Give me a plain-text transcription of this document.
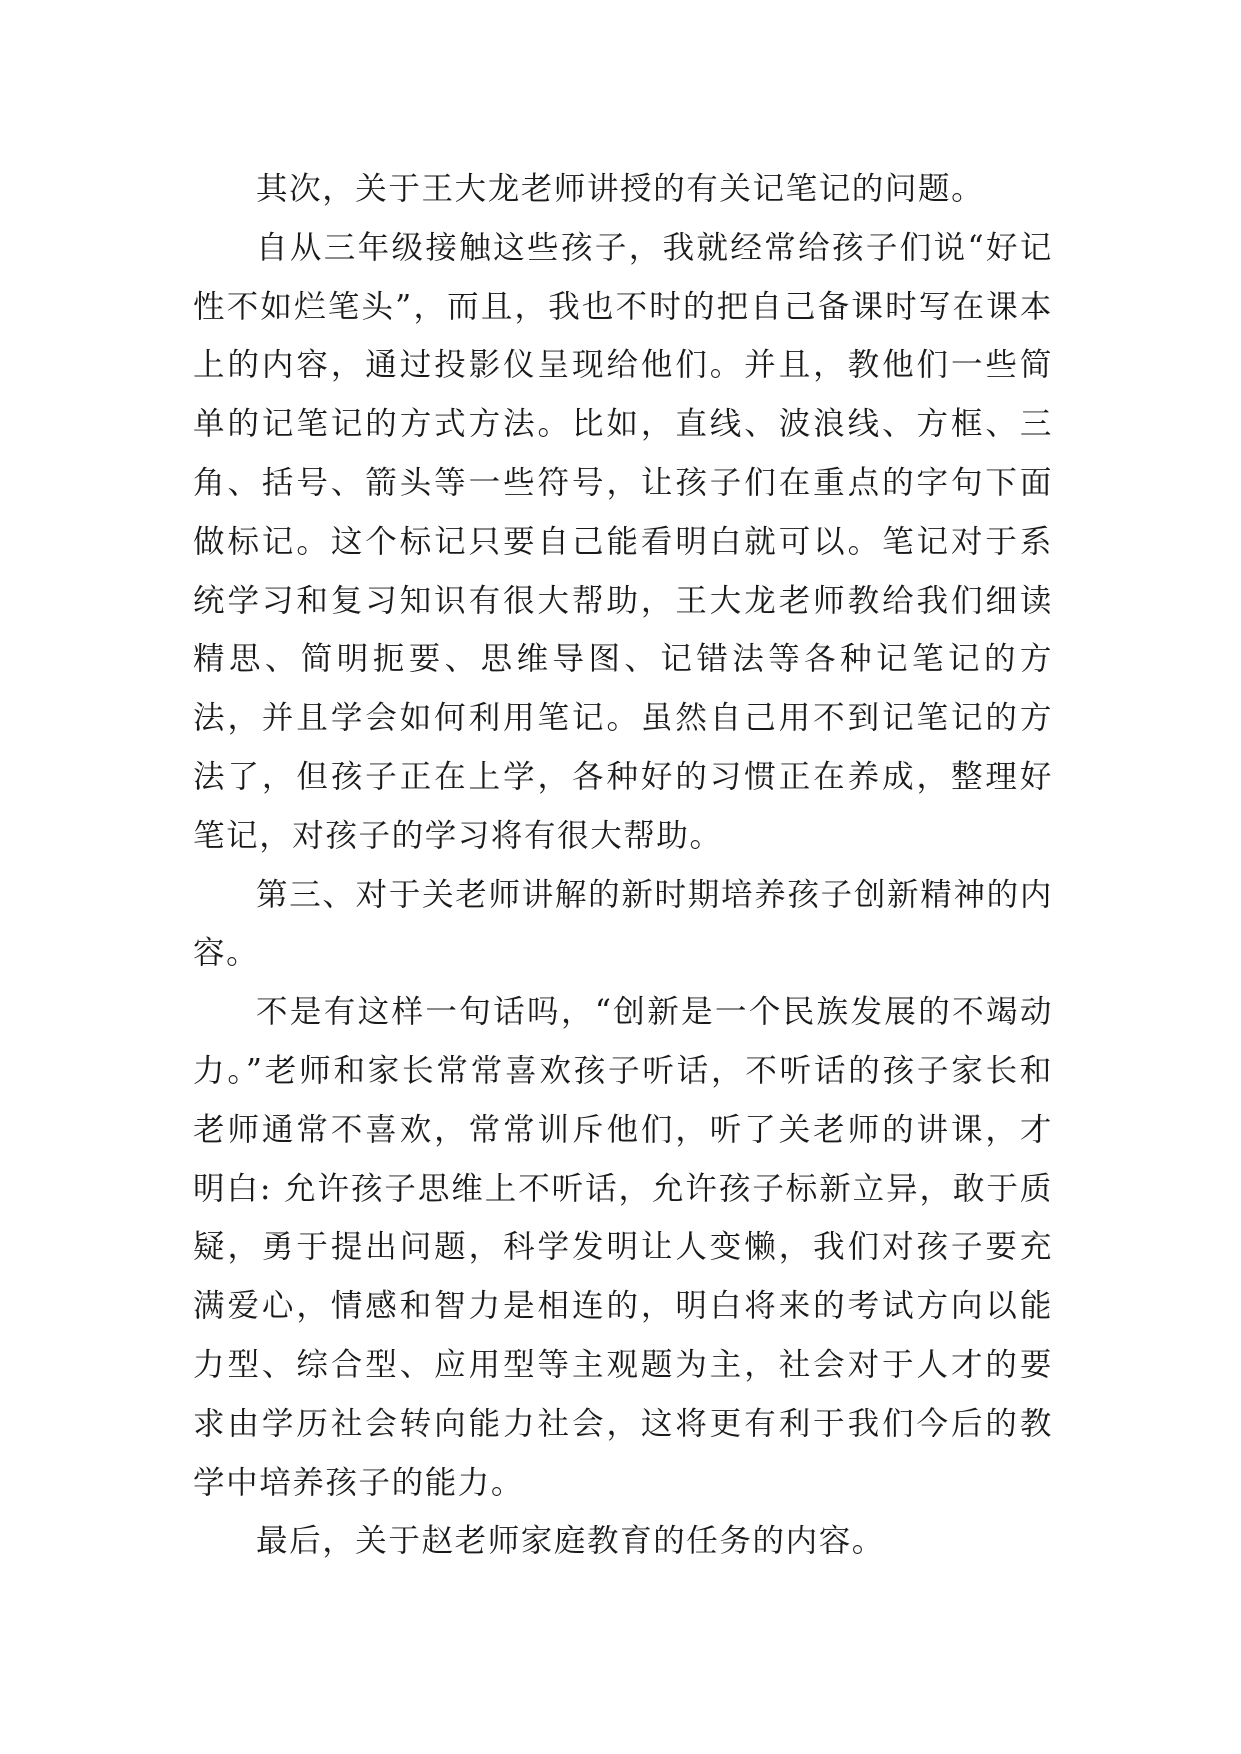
其次，关于王大龙老师讲授的有关记笔记的问题。

自从三年级接触这些孩子，我就经常给孩子们说“好记性不如烂笔头”，而且，我也不时的把自己备课时写在课本上的内容，通过投影仪呈现给他们。并且，教他们一些简单的记笔记的方式方法。比如，直线、波浪线、方框、三角、括号、箭头等一些符号，让孩子们在重点的字句下面做标记。这个标记只要自己能看明白就可以。笔记对于系统学习和复习知识有很大帮助，王大龙老师教给我们细读精思、简明扼要、思维导图、记错法等各种记笔记的方法，并且学会如何利用笔记。虽然自己用不到记笔记的方法了，但孩子正在上学，各种好的习惯正在养成，整理好笔记，对孩子的学习将有很大帮助。

第三、对于关老师讲解的新时期培养孩子创新精神的内容。

不是有这样一句话吗，“创新是一个民族发展的不竭动力。”老师和家长常常喜欢孩子听话，不听话的孩子家长和老师通常不喜欢，常常训斥他们，听了关老师的讲课，才明白: 允许孩子思维上不听话，允许孩子标新立异，敢于质疑，勇于提出问题，科学发明让人变懒，我们对孩子要充满爱心，情感和智力是相连的，明白将来的考试方向以能力型、综合型、应用型等主观题为主，社会对于人才的要求由学历社会转向能力社会，这将更有利于我们今后的教学中培养孩子的能力。

最后，关于赵老师家庭教育的任务的内容。
